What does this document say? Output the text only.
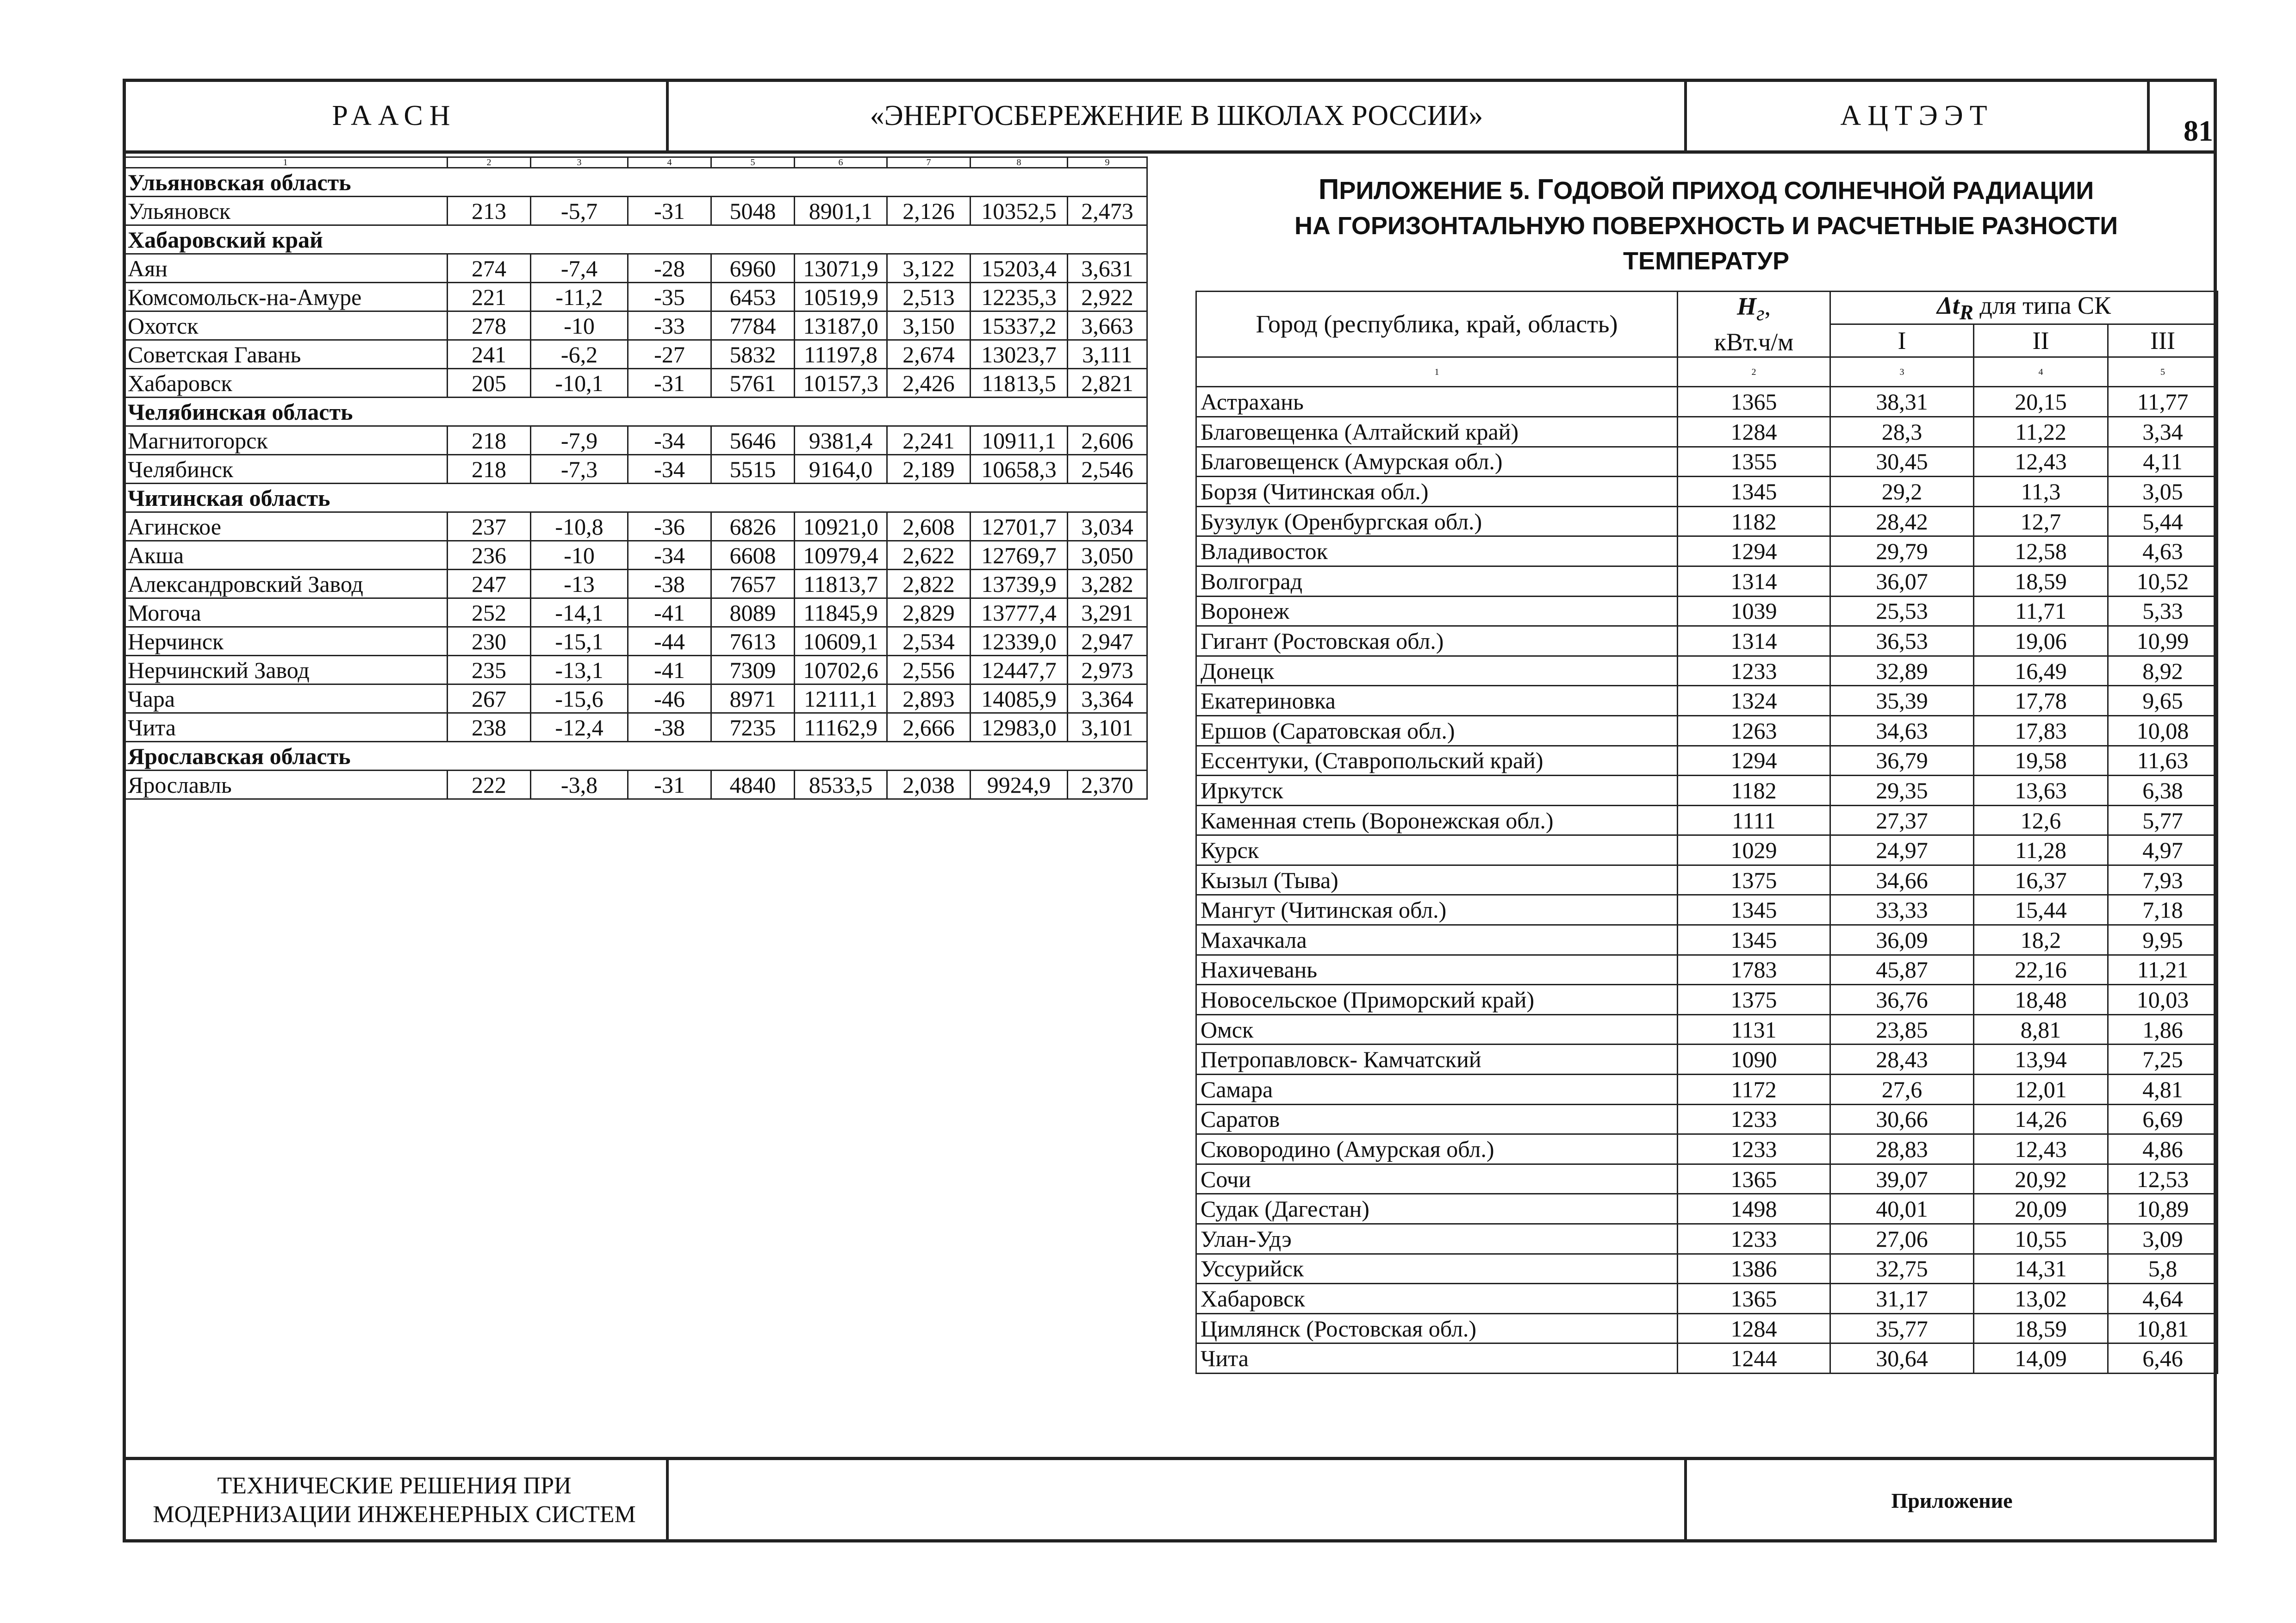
РААСН	«ЭНЕРГОСБЕРЕЖЕНИЕ В ШКОЛАХ РОССИИ»	АЦТЭЭТ	81
1	2	3	4	5	6	7	8	9
Ульяновская область								
Ульяновск	213	-5,7	-31	5048	8901,1	2,126	10352,5	2,473
Хабаровский край								
Аян	274	-7,4	-28	6960	13071,9	3,122	15203,4	3,631
Комсомольск-на-Амуре	221	-11,2	-35	6453	10519,9	2,513	12235,3	2,922
Охотск	278	-10	-33	7784	13187,0	3,150	15337,2	3,663
Советская Гавань	241	-6,2	-27	5832	11197,8	2,674	13023,7	3,111
Хабаровск	205	-10,1	-31	5761	10157,3	2,426	11813,5	2,821
Челябинская область								
Магнитогорск	218	-7,9	-34	5646	9381,4	2,241	10911,1	2,606
Челябинск	218	-7,3	-34	5515	9164,0	2,189	10658,3	2,546
Читинская область								
Агинское	237	-10,8	-36	6826	10921,0	2,608	12701,7	3,034
Акша	236	-10	-34	6608	10979,4	2,622	12769,7	3,050
Александровский Завод	247	-13	-38	7657	11813,7	2,822	13739,9	3,282
Могоча	252	-14,1	-41	8089	11845,9	2,829	13777,4	3,291
Нерчинск	230	-15,1	-44	7613	10609,1	2,534	12339,0	2,947
Нерчинский Завод	235	-13,1	-41	7309	10702,6	2,556	12447,7	2,973
Чара	267	-15,6	-46	8971	12111,1	2,893	14085,9	3,364
Чита	238	-12,4	-38	7235	11162,9	2,666	12983,0	3,101
Ярославская область								
Ярославль	222	-3,8	-31	4840	8533,5	2,038	9924,9	2,370
ПРИЛОЖЕНИЕ 5. ГОДОВОЙ ПРИХОД СОЛНЕЧНОЙ РАДИАЦИИ
НА ГОРИЗОНТАЛЬНУЮ ПОВЕРХНОСТЬ И РАСЧЕТНЫЕ РАЗНОСТИ
ТЕМПЕРАТУР
Город (республика, край, область)	$H_г$,
кВт.ч/м	$\Delta t_R$ для типа СК		
		I	II	III
1	2	3	4	5
Астрахань	1365	38,31	20,15	11,77
Благовещенка (Алтайский край)	1284	28,3	11,22	3,34
Благовещенск (Амурская обл.)	1355	30,45	12,43	4,11
Борзя (Читинская обл.)	1345	29,2	11,3	3,05
Бузулук (Оренбургская обл.)	1182	28,42	12,7	5,44
Владивосток	1294	29,79	12,58	4,63
Волгоград	1314	36,07	18,59	10,52
Воронеж	1039	25,53	11,71	5,33
Гигант (Ростовская обл.)	1314	36,53	19,06	10,99
Донецк	1233	32,89	16,49	8,92
Екатериновка	1324	35,39	17,78	9,65
Ершов (Саратовская обл.)	1263	34,63	17,83	10,08
Ессентуки, (Ставропольский край)	1294	36,79	19,58	11,63
Иркутск	1182	29,35	13,63	6,38
Каменная степь (Воронежская обл.)	1111	27,37	12,6	5,77
Курск	1029	24,97	11,28	4,97
Кызыл (Тыва)	1375	34,66	16,37	7,93
Мангут (Читинская обл.)	1345	33,33	15,44	7,18
Махачкала	1345	36,09	18,2	9,95
Нахичевань	1783	45,87	22,16	11,21
Новосельское (Приморский край)	1375	36,76	18,48	10,03
Омск	1131	23,85	8,81	1,86
Петропавловск- Камчатский	1090	28,43	13,94	7,25
Самара	1172	27,6	12,01	4,81
Саратов	1233	30,66	14,26	6,69
Сковородино (Амурская обл.)	1233	28,83	12,43	4,86
Сочи	1365	39,07	20,92	12,53
Судак (Дагестан)	1498	40,01	20,09	10,89
Улан-Удэ	1233	27,06	10,55	3,09
Уссурийск	1386	32,75	14,31	5,8
Хабаровск	1365	31,17	13,02	4,64
Цимлянск (Ростовская обл.)	1284	35,77	18,59	10,81
Чита	1244	30,64	14,09	6,46
ТЕХНИЧЕСКИЕ РЕШЕНИЯ ПРИ
МОДЕРНИЗАЦИИ ИНЖЕНЕРНЫХ СИСТЕМ
Приложение
